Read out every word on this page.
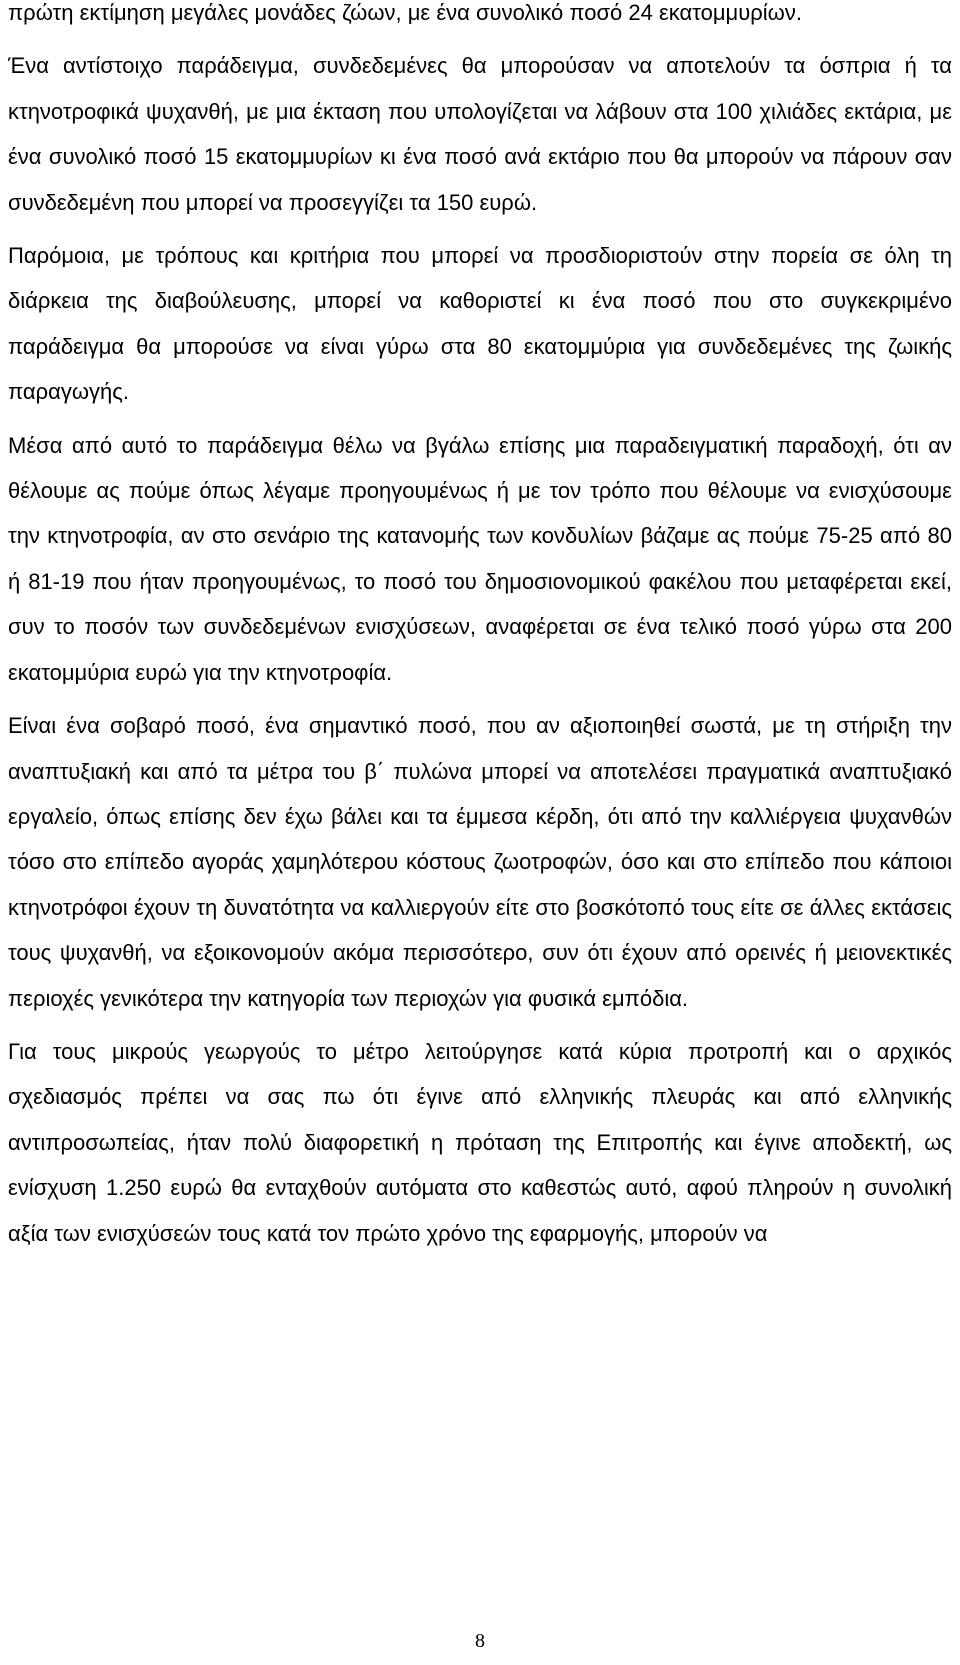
πρώτη εκτίμηση μεγάλες μονάδες ζώων, με ένα συνολικό ποσό 24 εκατομμυρίων.

Ένα αντίστοιχο παράδειγμα, συνδεδεμένες θα μπορούσαν να αποτελούν τα όσπρια ή τα κτηνοτροφικά ψυχανθή, με μια έκταση που υπολογίζεται να λάβουν στα 100 χιλιάδες εκτάρια, με ένα συνολικό ποσό 15 εκατομμυρίων κι ένα ποσό ανά εκτάριο που θα μπορούν να πάρουν σαν συνδεδεμένη που μπορεί να προσεγγίζει τα 150 ευρώ.

Παρόμοια, με τρόπους και κριτήρια που μπορεί να προσδιοριστούν στην πορεία σε όλη τη διάρκεια της διαβούλευσης, μπορεί να καθοριστεί κι ένα ποσό που στο συγκεκριμένο παράδειγμα θα μπορούσε να είναι γύρω στα 80 εκατομμύρια για συνδεδεμένες της ζωικής παραγωγής.

Μέσα από αυτό το παράδειγμα θέλω να βγάλω επίσης μια παραδειγματική παραδοχή, ότι αν θέλουμε ας πούμε όπως λέγαμε προηγουμένως ή με τον τρόπο που θέλουμε να ενισχύσουμε την κτηνοτροφία, αν στο σενάριο της κατανομής των κονδυλίων βάζαμε ας πούμε 75-25 από 80 ή 81-19 που ήταν προηγουμένως, το ποσό του δημοσιονομικού φακέλου που μεταφέρεται εκεί, συν το ποσόν των συνδεδεμένων ενισχύσεων, αναφέρεται σε ένα τελικό ποσό γύρω στα 200 εκατομμύρια ευρώ για την κτηνοτροφία.

Είναι ένα σοβαρό ποσό, ένα σημαντικό ποσό, που αν αξιοποιηθεί σωστά, με τη στήριξη την αναπτυξιακή και από τα μέτρα του β΄ πυλώνα μπορεί να αποτελέσει πραγματικά αναπτυξιακό εργαλείο, όπως επίσης δεν έχω βάλει και τα έμμεσα κέρδη, ότι από την καλλιέργεια ψυχανθών τόσο στο επίπεδο αγοράς χαμηλότερου κόστους ζωοτροφών, όσο και στο επίπεδο που κάποιοι κτηνοτρόφοι έχουν τη δυνατότητα να καλλιεργούν είτε στο βοσκότοπό τους είτε σε άλλες εκτάσεις τους ψυχανθή, να εξοικονομούν ακόμα περισσότερο, συν ότι έχουν από ορεινές ή μειονεκτικές περιοχές γενικότερα την κατηγορία των περιοχών για φυσικά εμπόδια.

Για τους μικρούς γεωργούς το μέτρο λειτούργησε κατά κύρια προτροπή και ο αρχικός σχεδιασμός πρέπει να σας πω ότι έγινε από ελληνικής πλευράς και από ελληνικής αντιπροσωπείας, ήταν πολύ διαφορετική η πρόταση της Επιτροπής και έγινε αποδεκτή, ως ενίσχυση 1.250 ευρώ θα ενταχθούν αυτόματα στο καθεστώς αυτό, αφού πληρούν η συνολική αξία των ενισχύσεών τους κατά τον πρώτο χρόνο της εφαρμογής, μπορούν να

8
